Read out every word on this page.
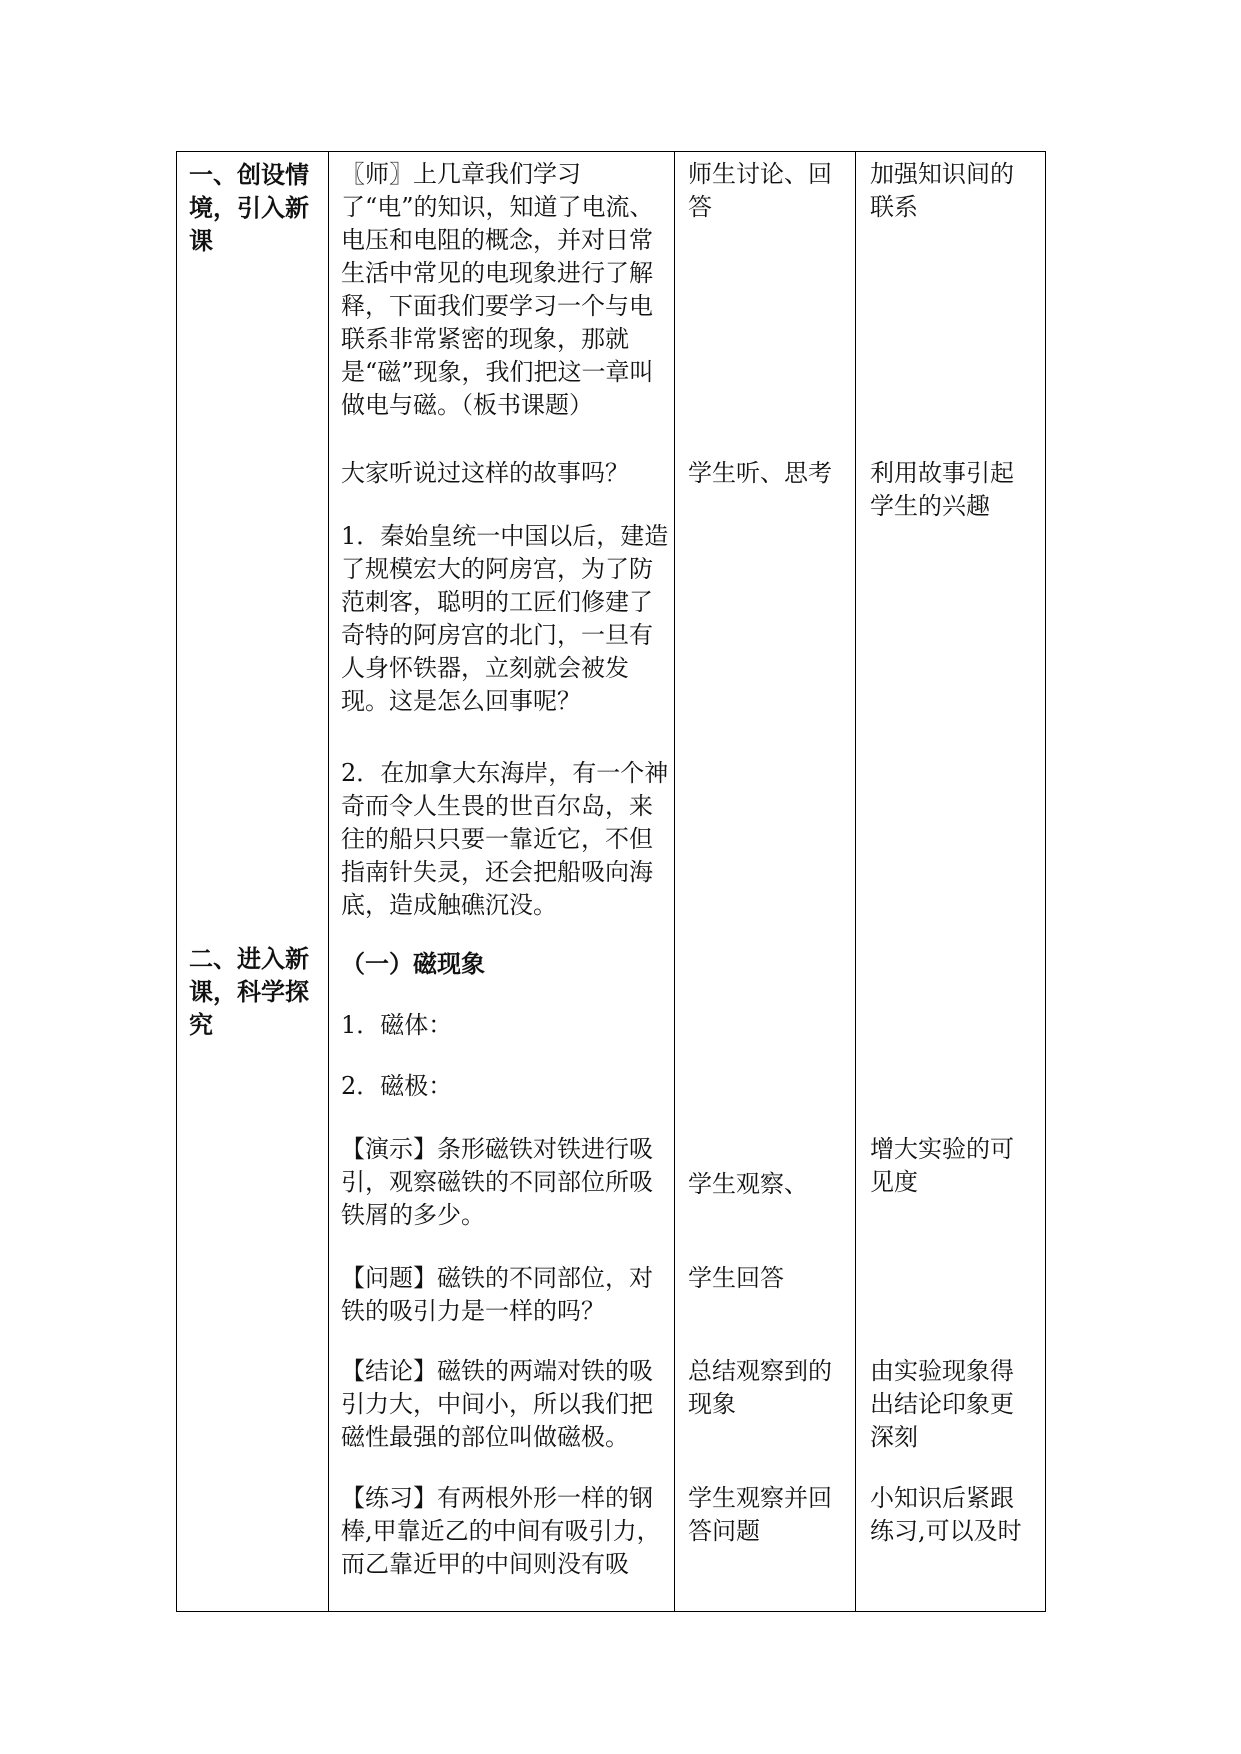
一、创设情境，引入新课
二、进入新课，科学探究
〖师〗上几章我们学习了“电”的知识，知道了电流、电压和电阻的概念，并对日常生活中常见的电现象进行了解释，下面我们要学习一个与电联系非常紧密的现象，那就是“磁”现象，我们把这一章叫做电与磁。（板书课题）
大家听说过这样的故事吗？
1．秦始皇统一中国以后，建造了规模宏大的阿房宫，为了防范刺客，聪明的工匠们修建了奇特的阿房宫的北门，一旦有人身怀铁器，立刻就会被发现。这是怎么回事呢？
2．在加拿大东海岸，有一个神奇而令人生畏的世百尔岛，来往的船只只要一靠近它，不但指南针失灵，还会把船吸向海底，造成触礁沉没。
（一）磁现象
1．磁体：
2．磁极：
【演示】条形磁铁对铁进行吸引，观察磁铁的不同部位所吸铁屑的多少。
【问题】磁铁的不同部位，对铁的吸引力是一样的吗？
【结论】磁铁的两端对铁的吸引力大，中间小，所以我们把磁性最强的部位叫做磁极。
【练习】有两根外形一样的钢棒,甲靠近乙的中间有吸引力，而乙靠近甲的中间则没有吸
师生讨论、回答
学生听、思考
学生观察、
学生回答
总结观察到的现象
学生观察并回答问题
加强知识间的联系
利用故事引起学生的兴趣
增大实验的可见度
由实验现象得出结论印象更深刻
小知识后紧跟练习,可以及时
